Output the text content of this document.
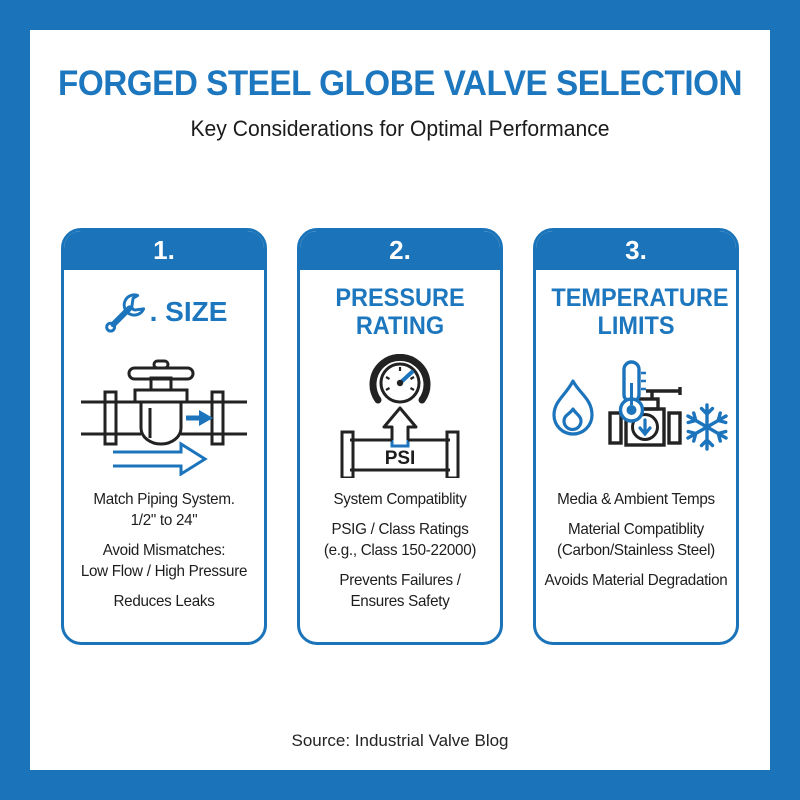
FORGED STEEL GLOBE VALVE SELECTION
Key Considerations for Optimal Performance
1.
. SIZE

Match Piping System.
1/2" to 24"

Avoid Mismatches:
Low Flow / High Pressure

Reduces Leaks

2.
PRESSURE RATING
PSI

System Compatiblity

PSIG / Class Ratings
(e.g., Class 150-22000)

Prevents Failures /
Ensures Safety

3.
TEMPERATURE LIMITS

Media & Ambient Temps

Material Compatiblity
(Carbon/Stainless Steel)

Avoids Material Degradation

Source: Industrial Valve Blog
